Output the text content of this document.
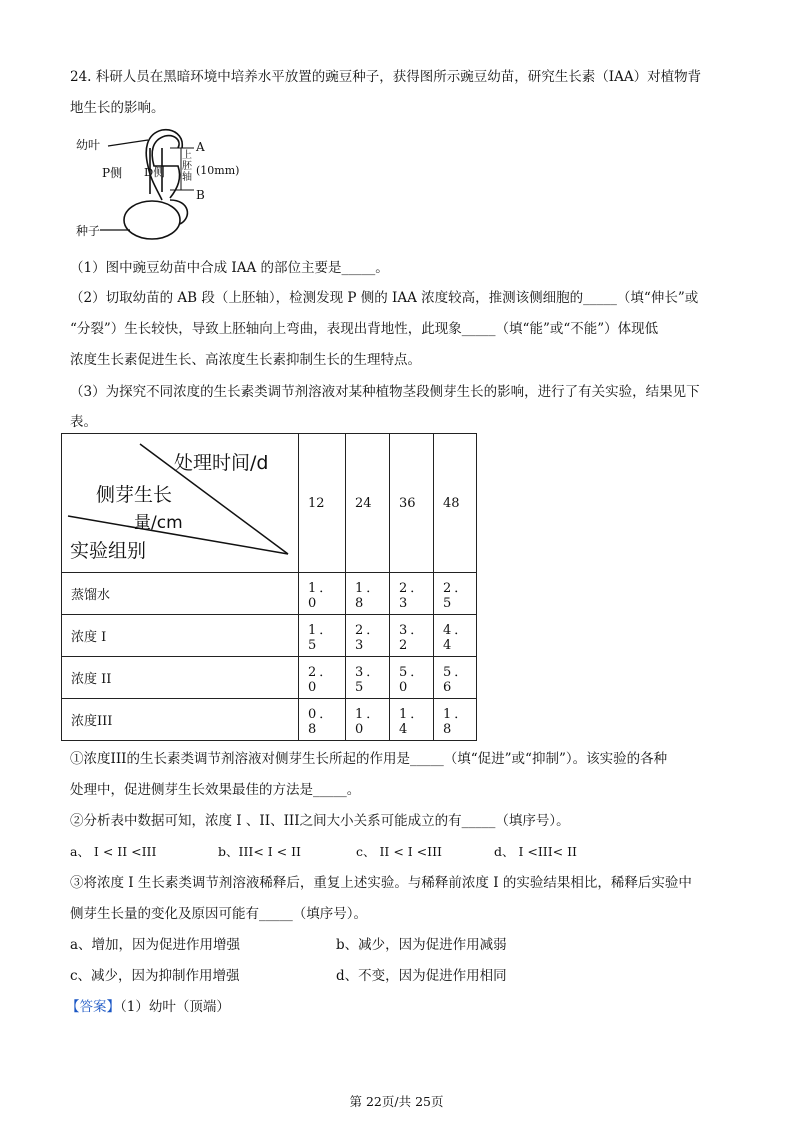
24. 科研人员在黑暗环境中培养水平放置的豌豆种子，获得图所示豌豆幼苗，研究生长素（IAA）对植物背
地生长的影响。
幼叶	A
P侧 D侧
上胚轴
(10mm)
B
种子
（1）图中豌豆幼苗中合成 IAA 的部位主要是_____。
（2）切取幼苗的 AB 段（上胚轴），检测发现 P 侧的 IAA 浓度较高，推测该侧细胞的_____（填“伸长”或
“分裂”）生长较快，导致上胚轴向上弯曲，表现出背地性，此现象_____（填“能”或“不能”）体现低
浓度生长素促进生长、高浓度生长素抑制生长的生理特点。
（3）为探究不同浓度的生长素类调节剂溶液对某种植物茎段侧芽生长的影响，进行了有关实验，结果见下
表。
处理时间/d
侧芽生长
量/cm
实验组别	12	24	36	48
蒸馏水	1．0	1．8	2．3	2．5
浓度 I	1．5	2．3	3．2	4．4
浓度 II	2．0	3．5	5．0	5．6
浓度III	0．8	1．0	1．4	1．8
①浓度III的生长素类调节剂溶液对侧芽生长所起的作用是_____（填“促进”或“抑制”）。该实验的各种
处理中，促进侧芽生长效果最佳的方法是_____。
②分析表中数据可知，浓度 Ⅰ 、II、III之间大小关系可能成立的有_____（填序号）。
a、 I < II <III	b、III< I < II	c、 II < I <III	d、 I <III< II
③将浓度 I 生长素类调节剂溶液稀释后，重复上述实验。与稀释前浓度 I 的实验结果相比，稀释后实验中
侧芽生长量的变化及原因可能有_____（填序号）。
a、增加，因为促进作用增强	b、减少，因为促进作用减弱
c、减少，因为抑制作用增强	d、不变，因为促进作用相同
【答案】（1）幼叶（顶端）
第 22页/共 25页
